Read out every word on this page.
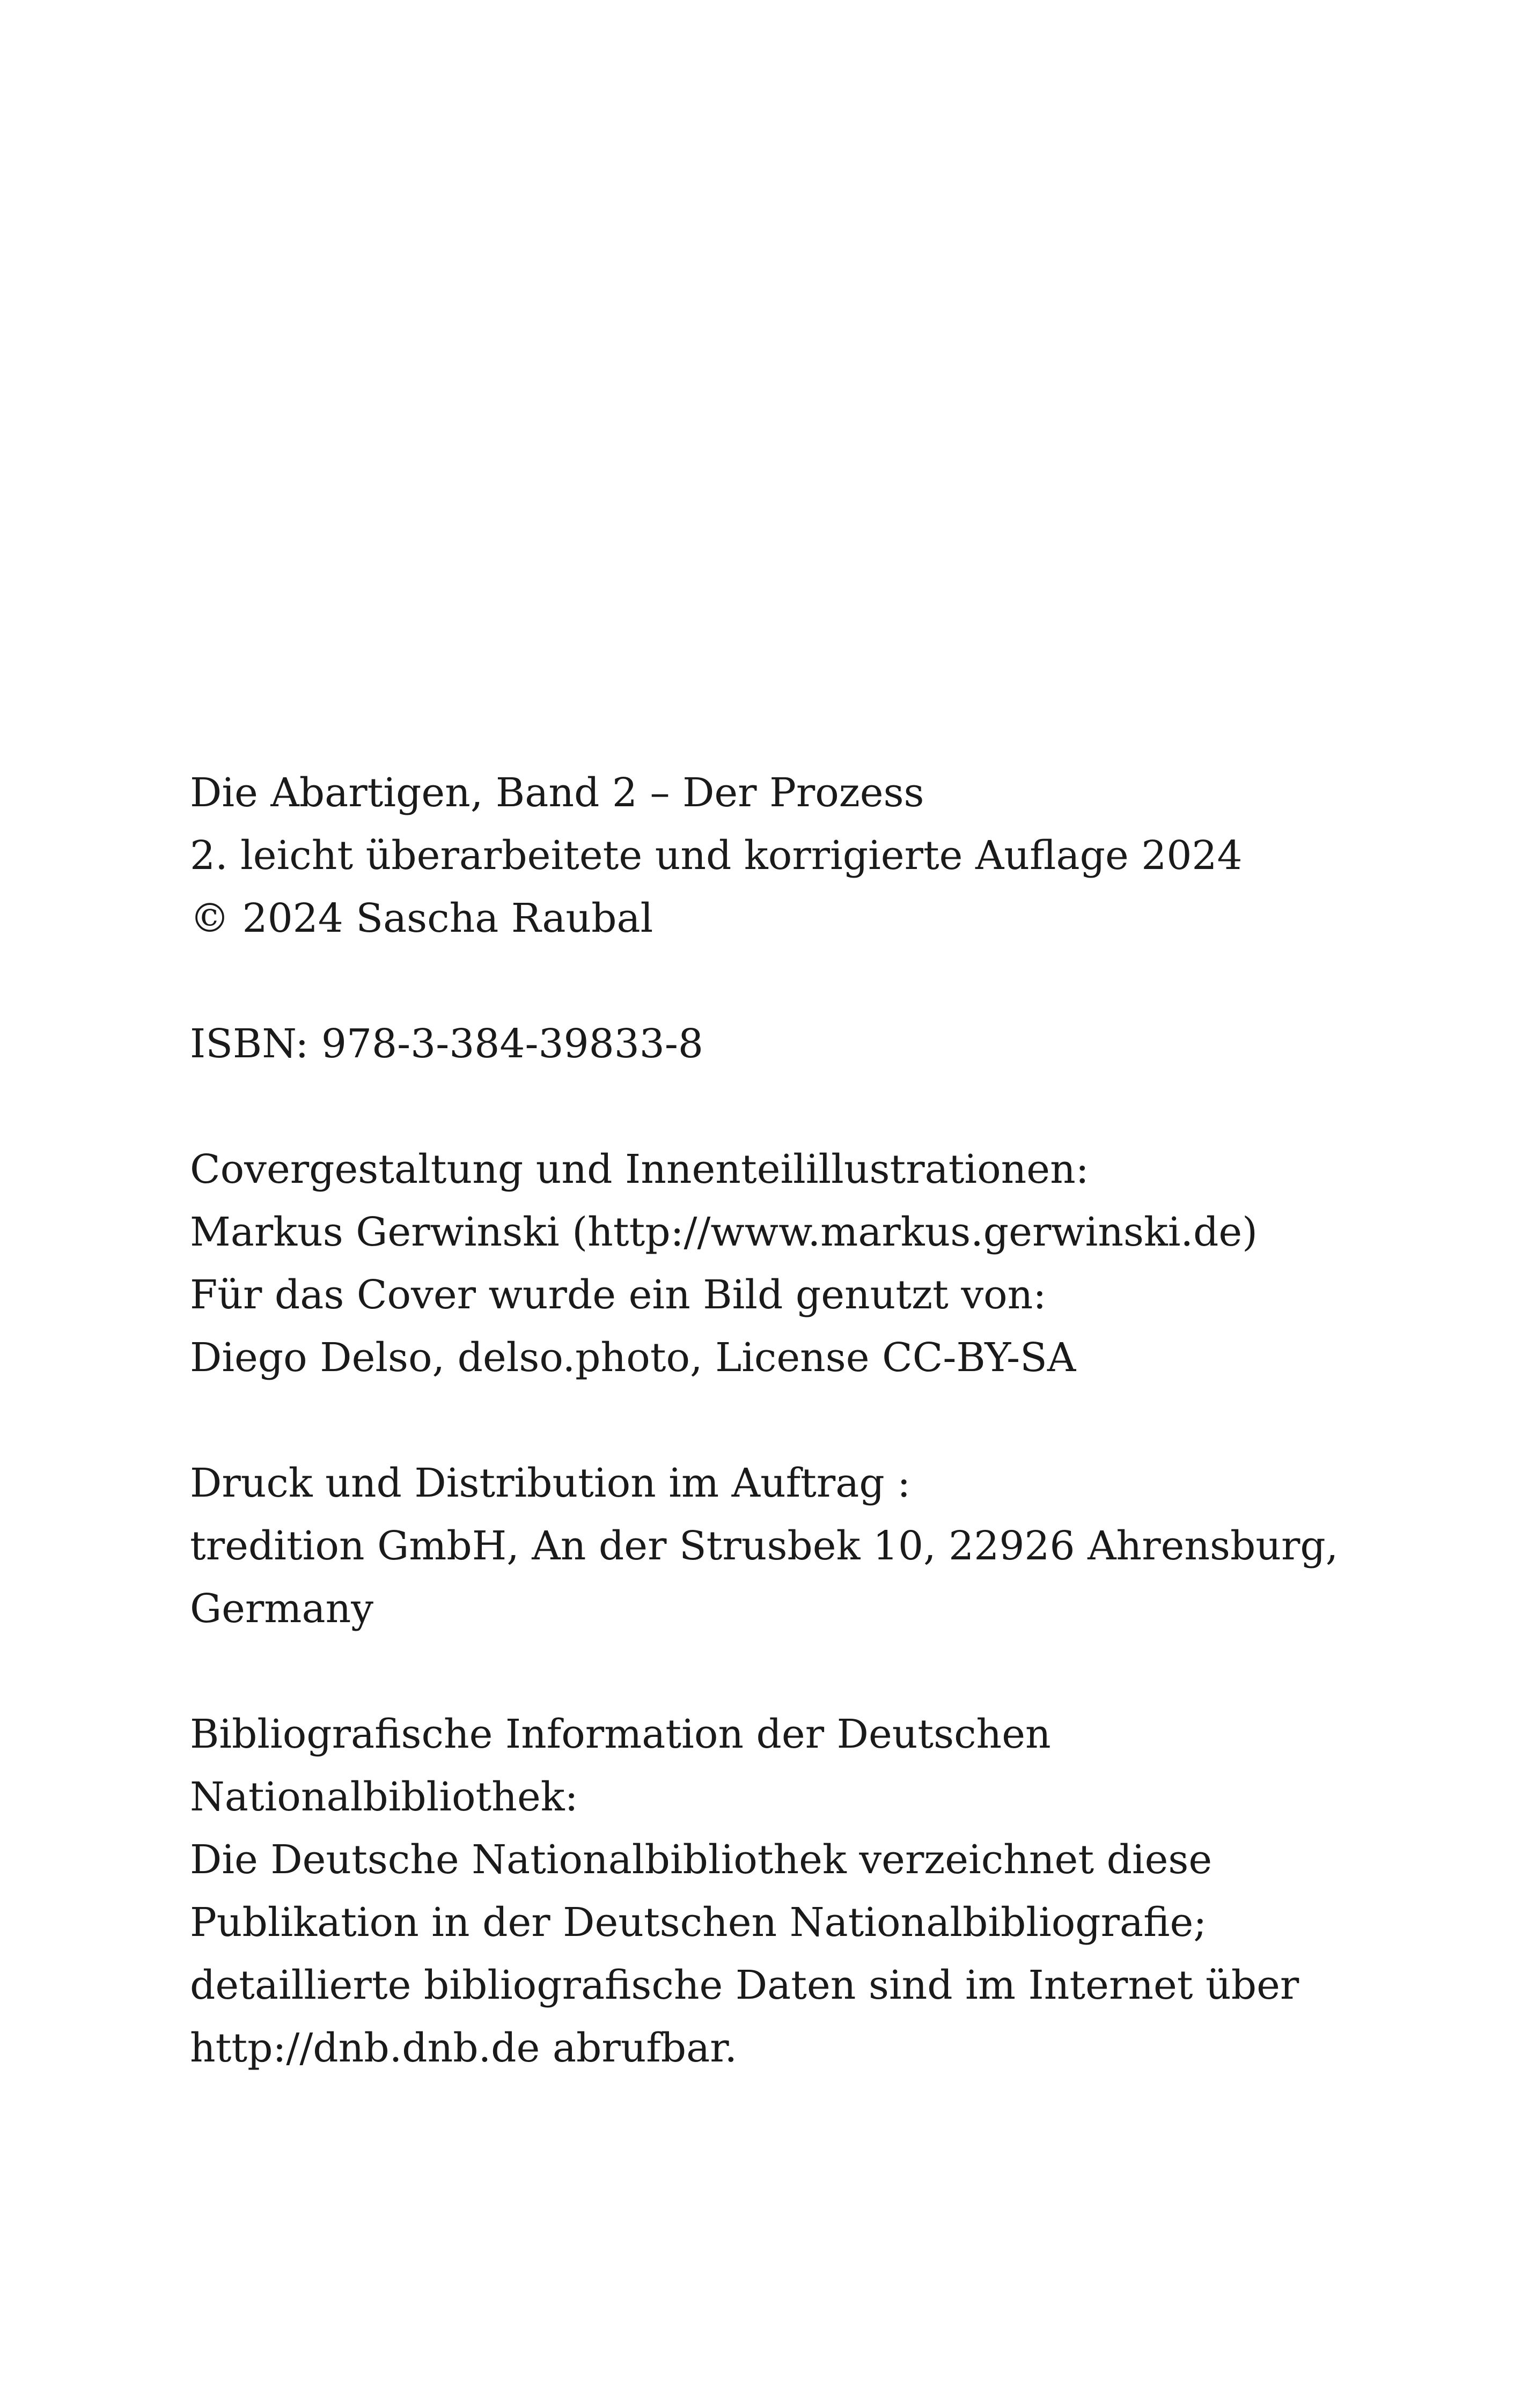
Die Abartigen, Band 2 – Der Prozess
2. leicht überarbeitete und korrigierte Auflage 2024
© 2024 Sascha Raubal
ISBN: 978-3-384-39833-8
Covergestaltung und Innenteilillustrationen:
Markus Gerwinski (http://www.markus.gerwinski.de)
Für das Cover wurde ein Bild genutzt von:
Diego Delso, delso.photo, License CC-BY-SA
Druck und Distribution im Auftrag :
tredition GmbH, An der Strusbek 10, 22926 Ahrensburg,
Germany
Bibliografische Information der Deutschen
Nationalbibliothek:
Die Deutsche Nationalbibliothek verzeichnet diese
Publikation in der Deutschen Nationalbibliografie;
detaillierte bibliografische Daten sind im Internet über
http://dnb.dnb.de abrufbar.
